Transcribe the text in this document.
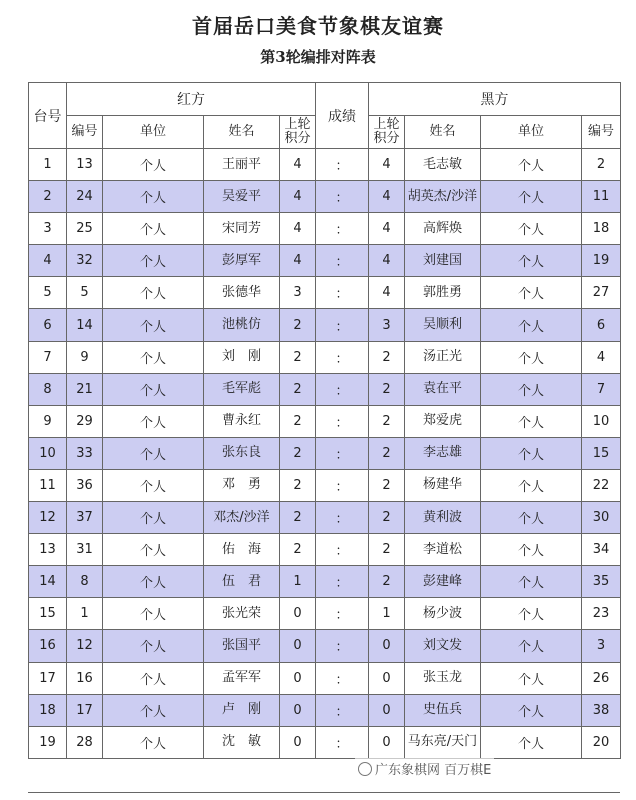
首届岳口美食节象棋友谊赛
第3轮编排对阵表
台号	红方				成绩	黑方			
	编号	单位	姓名	上轮积分		上轮积分	姓名	单位	编号
1	13	个人	王丽平	4	：	4	毛志敏	个人	2
2	24	个人	吴爱平	4	：	4	胡英杰/沙洋	个人	11
3	25	个人	宋同芳	4	：	4	高辉焕	个人	18
4	32	个人	彭厚军	4	：	4	刘建国	个人	19
5	5	个人	张德华	3	：	4	郭胜勇	个人	27
6	14	个人	池桃仿	2	：	3	吴顺利	个人	6
7	9	个人	刘　刚	2	：	2	汤正光	个人	4
8	21	个人	毛军彪	2	：	2	袁在平	个人	7
9	29	个人	曹永红	2	：	2	郑爱虎	个人	10
10	33	个人	张东良	2	：	2	李志雄	个人	15
11	36	个人	邓　勇	2	：	2	杨建华	个人	22
12	37	个人	邓杰/沙洋	2	：	2	黄利波	个人	30
13	31	个人	佑　海	2	：	2	李道松	个人	34
14	8	个人	伍　君	1	：	2	彭建峰	个人	35
15	1	个人	张光荣	0	：	1	杨少波	个人	23
16	12	个人	张国平	0	：	0	刘文发	个人	3
17	16	个人	孟军军	0	：	0	张玉龙	个人	26
18	17	个人	卢　刚	0	：	0	史伍兵	个人	38
19	28	个人	沈　敏	0	：	0	马东亮/天门	个人	20
广东象棋网 百万棋E
